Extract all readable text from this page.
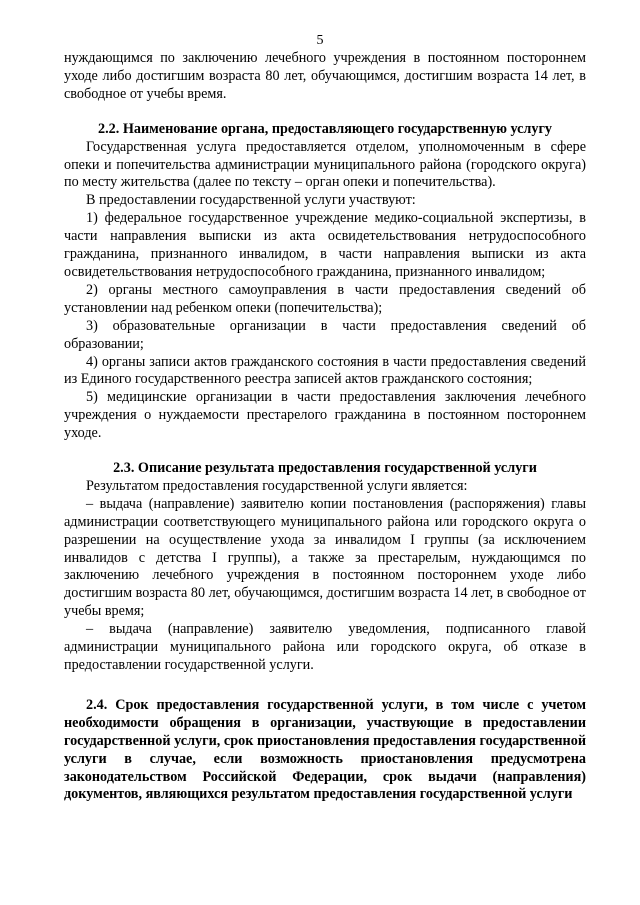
5

нуждающимся по заключению лечебного учреждения в постоянном постороннем уходе либо достигшим возраста 80 лет, обучающимся, достигшим возраста 14 лет, в свободное от учебы время.

2.2. Наименование органа, предоставляющего государственную услугу

Государственная услуга предоставляется отделом, уполномоченным в сфере опеки и попечительства администрации муниципального района (городского округа) по месту жительства (далее по тексту – орган опеки и попечительства).

В предоставлении государственной услуги участвуют:

1) федеральное государственное учреждение медико-социальной экспертизы, в части направления выписки из акта освидетельствования нетрудоспособного гражданина, признанного инвалидом, в части направления выписки из акта освидетельствования нетрудоспособного гражданина, признанного инвалидом;

2) органы местного самоуправления в части предоставления сведений об установлении над ребенком опеки (попечительства);

3) образовательные организации в части предоставления сведений об образовании;

4) органы записи актов гражданского состояния в части предоставления сведений из Единого государственного реестра записей актов гражданского состояния;

5) медицинские организации в части предоставления заключения лечебного учреждения о нуждаемости престарелого гражданина в постоянном постороннем уходе.

2.3. Описание результата предоставления государственной услуги

Результатом предоставления государственной услуги является:

– выдача (направление) заявителю копии постановления (распоряжения) главы администрации соответствующего муниципального района или городского округа о разрешении на осуществление ухода за инвалидом I группы (за исключением инвалидов с детства I группы), а также за престарелым, нуждающимся по заключению лечебного учреждения в постоянном постороннем уходе либо достигшим возраста 80 лет, обучающимся, достигшим возраста 14 лет, в свободное от учебы время;

– выдача (направление) заявителю уведомления, подписанного главой администрации муниципального района или городского округа, об отказе в предоставлении государственной услуги.

2.4. Срок предоставления государственной услуги, в том числе с учетом необходимости обращения в организации, участвующие в предоставлении государственной услуги, срок приостановления предоставления государственной услуги в случае, если возможность приостановления предусмотрена законодательством Российской Федерации, срок выдачи (направления) документов, являющихся результатом предоставления государственной услуги
